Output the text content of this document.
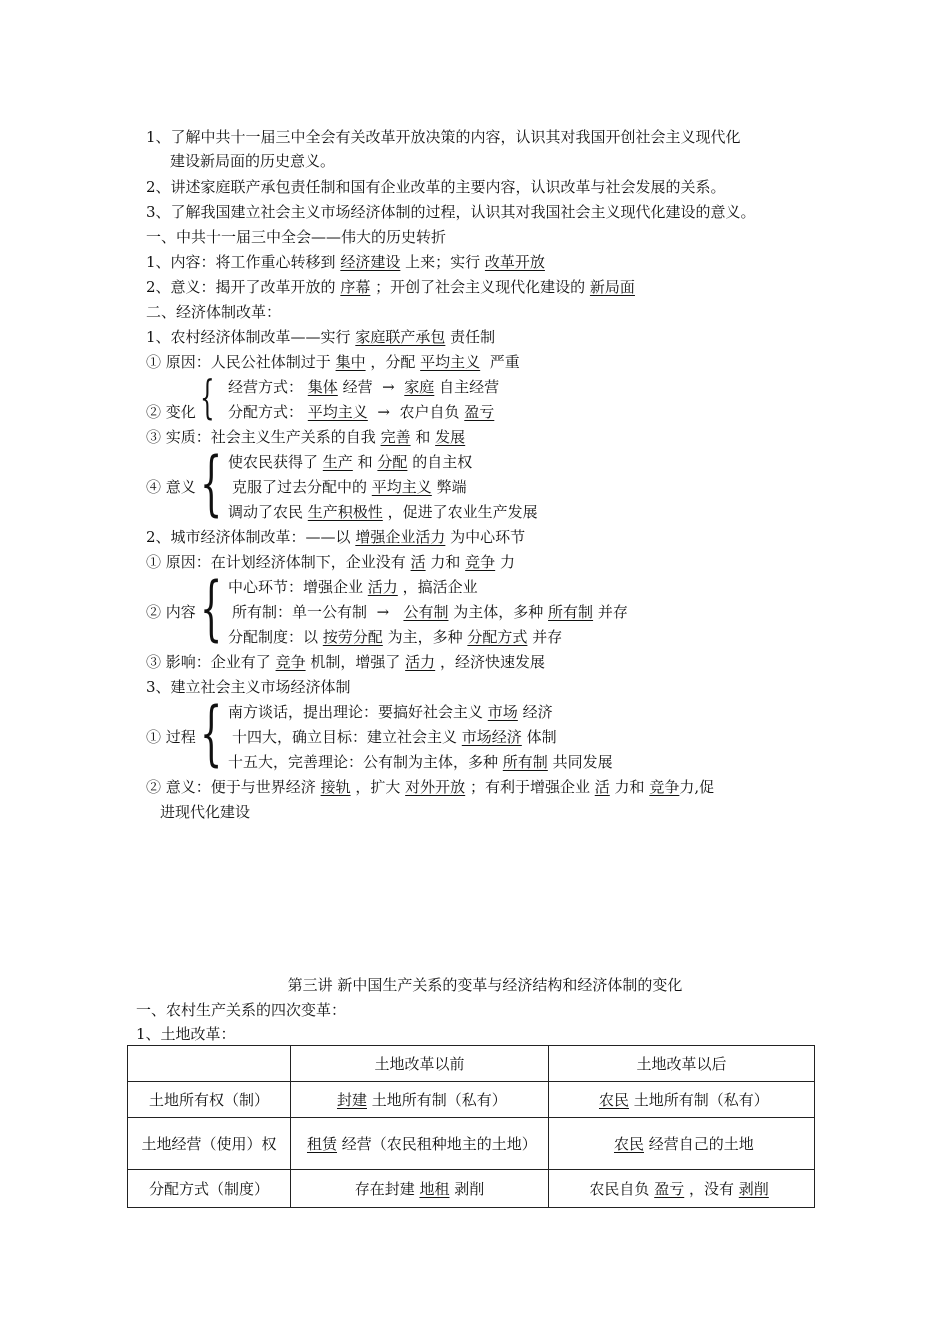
1、了解中共十一届三中全会有关改革开放决策的内容，认识其对我国开创社会主义现代化
建设新局面的历史意义。
2、讲述家庭联产承包责任制和国有企业改革的主要内容，认识改革与社会发展的关系。
3、了解我国建立社会主义市场经济体制的过程，认识其对我国社会主义现代化建设的意义。
一、中共十一届三中全会——伟大的历史转折
1、内容：将工作重心转移到 经济建设 上来；实行 改革开放
2、意义：揭开了改革开放的 序幕 ；开创了社会主义现代化建设的 新局面
二、经济体制改革：
1、农村经济体制改革——实行 家庭联产承包 责任制
① 原因：人民公社体制过于 集中 ，分配 平均主义 严重
{ 经营方式： 集体 经营 → 家庭 自主经营
② 变化 分配方式： 平均主义 → 农户自负 盈亏
③ 实质：社会主义生产关系的自我 完善 和 发展
{ 使农民获得了 生产 和 分配 的自主权
④ 意义 克服了过去分配中的 平均主义 弊端
调动了农民 生产积极性 ，促进了农业生产发展
2、城市经济体制改革：——以 增强企业活力 为中心环节
① 原因：在计划经济体制下，企业没有 活 力和 竞争 力
{ 中心环节：增强企业 活力 ，搞活企业
② 内容 所有制：单一公有制 → 公有制 为主体，多种 所有制 并存
分配制度：以 按劳分配 为主，多种 分配方式 并存
③ 影响：企业有了 竞争 机制，增强了 活力 ，经济快速发展
3、建立社会主义市场经济体制
{ 南方谈话，提出理论：要搞好社会主义 市场 经济
① 过程 十四大，确立目标：建立社会主义 市场经济 体制
十五大，完善理论：公有制为主体，多种 所有制 共同发展
② 意义：便于与世界经济 接轨 ，扩大 对外开放 ；有利于增强企业 活 力和 竞争力,促
进现代化建设
第三讲 新中国生产关系的变革与经济结构和经济体制的变化
一、农村生产关系的四次变革：
1、土地改革：
	土地改革以前	土地改革以后
土地所有权（制）	封建 土地所有制（私有）	农民 土地所有制（私有）
土地经营（使用）权	租赁 经营（农民租种地主的土地）	农民 经营自己的土地
分配方式（制度）	存在封建 地租 剥削	农民自负 盈亏 ，没有 剥削
